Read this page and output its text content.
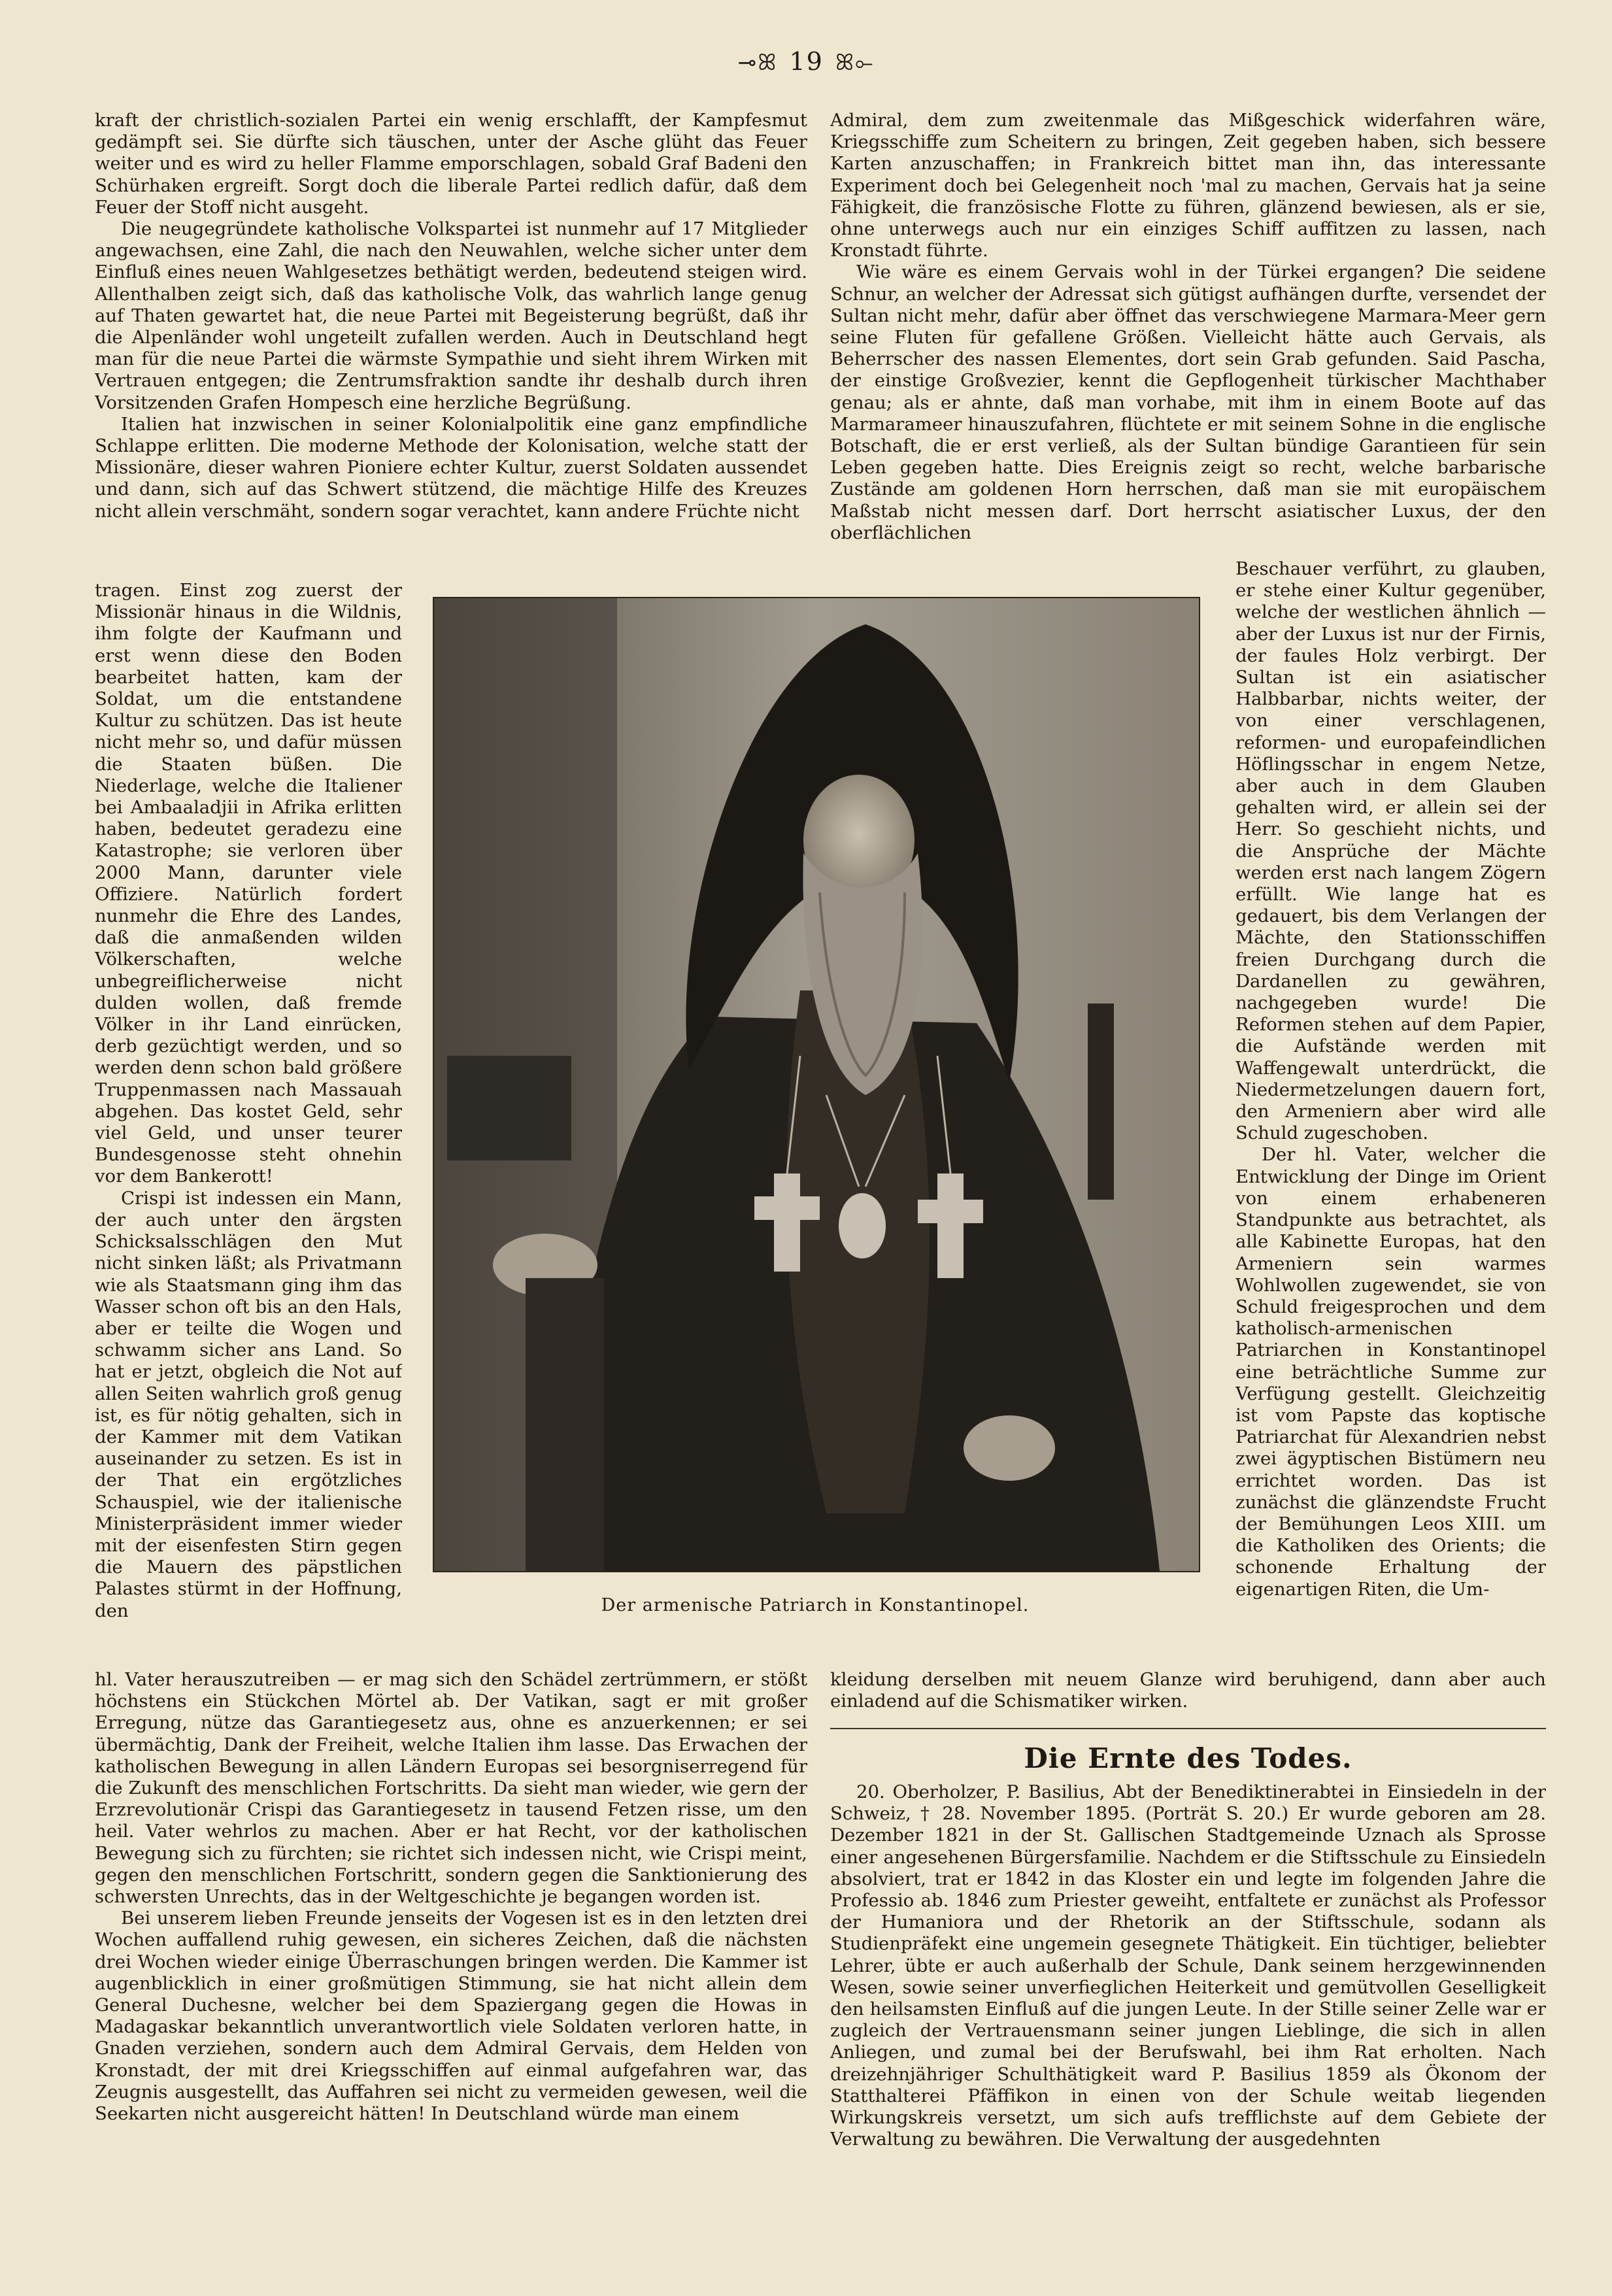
⊸ꕤ 19 ꕤ⟜

kraft der christlich-sozialen Partei ein wenig erschlafft, der Kampfesmut gedämpft sei. Sie dürfte sich täuschen, unter der Asche glüht das Feuer weiter und es wird zu heller Flamme emporschlagen, sobald Graf Badeni den Schürhaken ergreift. Sorgt doch die liberale Partei redlich dafür, daß dem Feuer der Stoff nicht ausgeht.

Die neugegründete katholische Volkspartei ist nunmehr auf 17 Mitglieder angewachsen, eine Zahl, die nach den Neuwahlen, welche sicher unter dem Einfluß eines neuen Wahlgesetzes bethätigt werden, bedeutend steigen wird. Allenthalben zeigt sich, daß das katholische Volk, das wahrlich lange genug auf Thaten gewartet hat, die neue Partei mit Begeisterung begrüßt, daß ihr die Alpenländer wohl ungeteilt zufallen werden. Auch in Deutschland hegt man für die neue Partei die wärmste Sympathie und sieht ihrem Wirken mit Vertrauen entgegen; die Zentrumsfraktion sandte ihr deshalb durch ihren Vorsitzenden Grafen Hompesch eine herzliche Begrüßung.

Italien hat inzwischen in seiner Kolonialpolitik eine ganz empfindliche Schlappe erlitten. Die moderne Methode der Kolonisation, welche statt der Missionäre, dieser wahren Pioniere echter Kultur, zuerst Soldaten aussendet und dann, sich auf das Schwert stützend, die mächtige Hilfe des Kreuzes nicht allein verschmäht, sondern sogar verachtet, kann andere Früchte nicht

tragen. Einst zog zuerst der Missionär hinaus in die Wildnis, ihm folgte der Kaufmann und erst wenn diese den Boden bearbeitet hatten, kam der Soldat, um die entstandene Kultur zu schützen. Das ist heute nicht mehr so, und dafür müssen die Staaten büßen. Die Niederlage, welche die Italiener bei Ambaaladjii in Afrika erlitten haben, bedeutet geradezu eine Katastrophe; sie verloren über 2000 Mann, darunter viele Offiziere. Natürlich fordert nunmehr die Ehre des Landes, daß die anmaßenden wilden Völkerschaften, welche unbegreiflicherweise nicht dulden wollen, daß fremde Völker in ihr Land einrücken, derb gezüchtigt werden, und so werden denn schon bald größere Truppenmassen nach Massauah abgehen. Das kostet Geld, sehr viel Geld, und unser teurer Bundesgenosse steht ohnehin vor dem Bankerott!

Crispi ist indessen ein Mann, der auch unter den ärgsten Schicksalsschlägen den Mut nicht sinken läßt; als Privatmann wie als Staatsmann ging ihm das Wasser schon oft bis an den Hals, aber er teilte die Wogen und schwamm sicher ans Land. So hat er jetzt, obgleich die Not auf allen Seiten wahrlich groß genug ist, es für nötig gehalten, sich in der Kammer mit dem Vatikan auseinander zu setzen. Es ist in der That ein ergötzliches Schauspiel, wie der italienische Ministerpräsident immer wieder mit der eisenfesten Stirn gegen die Mauern des päpstlichen Palastes stürmt in der Hoffnung, den

hl. Vater herauszutreiben — er mag sich den Schädel zertrümmern, er stößt höchstens ein Stückchen Mörtel ab. Der Vatikan, sagt er mit großer Erregung, nütze das Garantiegesetz aus, ohne es anzuerkennen; er sei übermächtig, Dank der Freiheit, welche Italien ihm lasse. Das Erwachen der katholischen Bewegung in allen Ländern Europas sei besorgniserregend für die Zukunft des menschlichen Fortschritts. Da sieht man wieder, wie gern der Erzrevolutionär Crispi das Garantiegesetz in tausend Fetzen risse, um den heil. Vater wehrlos zu machen. Aber er hat Recht, vor der katholischen Bewegung sich zu fürchten; sie richtet sich indessen nicht, wie Crispi meint, gegen den menschlichen Fortschritt, sondern gegen die Sanktionierung des schwersten Unrechts, das in der Weltgeschichte je begangen worden ist.

Bei unserem lieben Freunde jenseits der Vogesen ist es in den letzten drei Wochen auffallend ruhig gewesen, ein sicheres Zeichen, daß die nächsten drei Wochen wieder einige Überraschungen bringen werden. Die Kammer ist augenblicklich in einer großmütigen Stimmung, sie hat nicht allein dem General Duchesne, welcher bei dem Spaziergang gegen die Howas in Madagaskar bekanntlich unverantwortlich viele Soldaten verloren hatte, in Gnaden verziehen, sondern auch dem Admiral Gervais, dem Helden von Kronstadt, der mit drei Kriegsschiffen auf einmal aufgefahren war, das Zeugnis ausgestellt, das Auffahren sei nicht zu vermeiden gewesen, weil die Seekarten nicht ausgereicht hätten! In Deutschland würde man einem

Admiral, dem zum zweitenmale das Mißgeschick widerfahren wäre, Kriegsschiffe zum Scheitern zu bringen, Zeit gegeben haben, sich bessere Karten anzuschaffen; in Frankreich bittet man ihn, das interessante Experiment doch bei Gelegenheit noch 'mal zu machen, Gervais hat ja seine Fähigkeit, die französische Flotte zu führen, glänzend bewiesen, als er sie, ohne unterwegs auch nur ein einziges Schiff auffitzen zu lassen, nach Kronstadt führte.

Wie wäre es einem Gervais wohl in der Türkei ergangen? Die seidene Schnur, an welcher der Adressat sich gütigst aufhängen durfte, versendet der Sultan nicht mehr, dafür aber öffnet das verschwiegene Marmara-Meer gern seine Fluten für gefallene Größen. Vielleicht hätte auch Gervais, als Beherrscher des nassen Elementes, dort sein Grab gefunden. Said Pascha, der einstige Großvezier, kennt die Gepflogenheit türkischer Machthaber genau; als er ahnte, daß man vorhabe, mit ihm in einem Boote auf das Marmarameer hinauszufahren, flüchtete er mit seinem Sohne in die englische Botschaft, die er erst verließ, als der Sultan bündige Garantieen für sein Leben gegeben hatte. Dies Ereignis zeigt so recht, welche barbarische Zustände am goldenen Horn herrschen, daß man sie mit europäischem Maßstab nicht messen darf. Dort herrscht asiatischer Luxus, der den oberflächlichen

Beschauer verführt, zu glauben, er stehe einer Kultur gegenüber, welche der westlichen ähnlich — aber der Luxus ist nur der Firnis, der faules Holz verbirgt. Der Sultan ist ein asiatischer Halbbarbar, nichts weiter, der von einer verschlagenen, reformen- und europafeindlichen Höflingsschar in engem Netze, aber auch in dem Glauben gehalten wird, er allein sei der Herr. So geschieht nichts, und die Ansprüche der Mächte werden erst nach langem Zögern erfüllt. Wie lange hat es gedauert, bis dem Verlangen der Mächte, den Stationsschiffen freien Durchgang durch die Dardanellen zu gewähren, nachgegeben wurde! Die Reformen stehen auf dem Papier, die Aufstände werden mit Waffengewalt unterdrückt, die Niedermetzelungen dauern fort, den Armeniern aber wird alle Schuld zugeschoben.

Der hl. Vater, welcher die Entwicklung der Dinge im Orient von einem erhabeneren Standpunkte aus betrachtet, als alle Kabinette Europas, hat den Armeniern sein warmes Wohlwollen zugewendet, sie von Schuld freigesprochen und dem katholisch-armenischen Patriarchen in Konstantinopel eine beträchtliche Summe zur Verfügung gestellt. Gleichzeitig ist vom Papste das koptische Patriarchat für Alexandrien nebst zwei ägyptischen Bistümern neu errichtet worden. Das ist zunächst die glänzendste Frucht der Bemühungen Leos XIII. um die Katholiken des Orients; die schonende Erhaltung der eigenartigen Riten, die Um-

kleidung derselben mit neuem Glanze wird beruhigend, dann aber auch einladend auf die Schismatiker wirken.

Der armenische Patriarch in Konstantinopel.
Die Ernte des Todes.

20. Oberholzer, P. Basilius, Abt der Benediktinerabtei in Einsiedeln in der Schweiz, † 28. November 1895. (Porträt S. 20.) Er wurde geboren am 28. Dezember 1821 in der St. Gallischen Stadtgemeinde Uznach als Sprosse einer angesehenen Bürgersfamilie. Nachdem er die Stiftsschule zu Einsiedeln absolviert, trat er 1842 in das Kloster ein und legte im folgenden Jahre die Professio ab. 1846 zum Priester geweiht, entfaltete er zunächst als Professor der Humaniora und der Rhetorik an der Stiftsschule, sodann als Studienpräfekt eine ungemein gesegnete Thätigkeit. Ein tüchtiger, beliebter Lehrer, übte er auch außerhalb der Schule, Dank seinem herzgewinnenden Wesen, sowie seiner unverfieglichen Heiterkeit und gemütvollen Geselligkeit den heilsamsten Einfluß auf die jungen Leute. In der Stille seiner Zelle war er zugleich der Vertrauensmann seiner jungen Lieblinge, die sich in allen Anliegen, und zumal bei der Berufswahl, bei ihm Rat erholten. Nach dreizehnjähriger Schulthätigkeit ward P. Basilius 1859 als Ökonom der Statthalterei Pfäffikon in einen von der Schule weitab liegenden Wirkungskreis versetzt, um sich aufs trefflichste auf dem Gebiete der Verwaltung zu bewähren. Die Verwaltung der ausgedehnten
